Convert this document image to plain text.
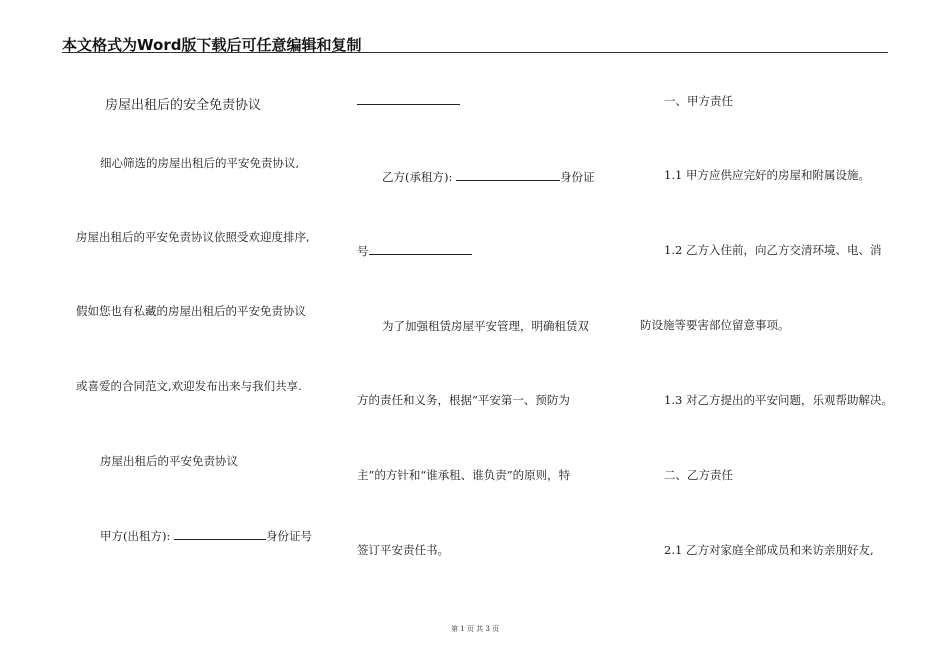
本文格式为Word版下载后可任意编辑和复制
房屋出租后的安全免责协议
细心筛选的房屋出租后的平安免责协议,
房屋出租后的平安免责协议依照受欢迎度排序,
假如您也有私藏的房屋出租后的平安免责协议
或喜爱的合同范文,欢迎发布出来与我们共享.
房屋出租后的平安免责协议
甲方(出租方):	身份证号
乙方(承租方):	身份证
号
为了加强租赁房屋平安管理，明确租赁双
方的责任和义务，根据“平安第一、预防为
主”的方针和“谁承租、谁负责”的原则，特
签订平安责任书。
一、甲方责任
1.1 甲方应供应完好的房屋和附属设施。
1.2 乙方入住前，向乙方交清环境、电、消
防设施等要害部位留意事项。
1.3 对乙方提出的平安问题，乐观帮助解决。
二、乙方责任
2.1 乙方对家庭全部成员和来访亲朋好友,
第 1 页 共 3 页
